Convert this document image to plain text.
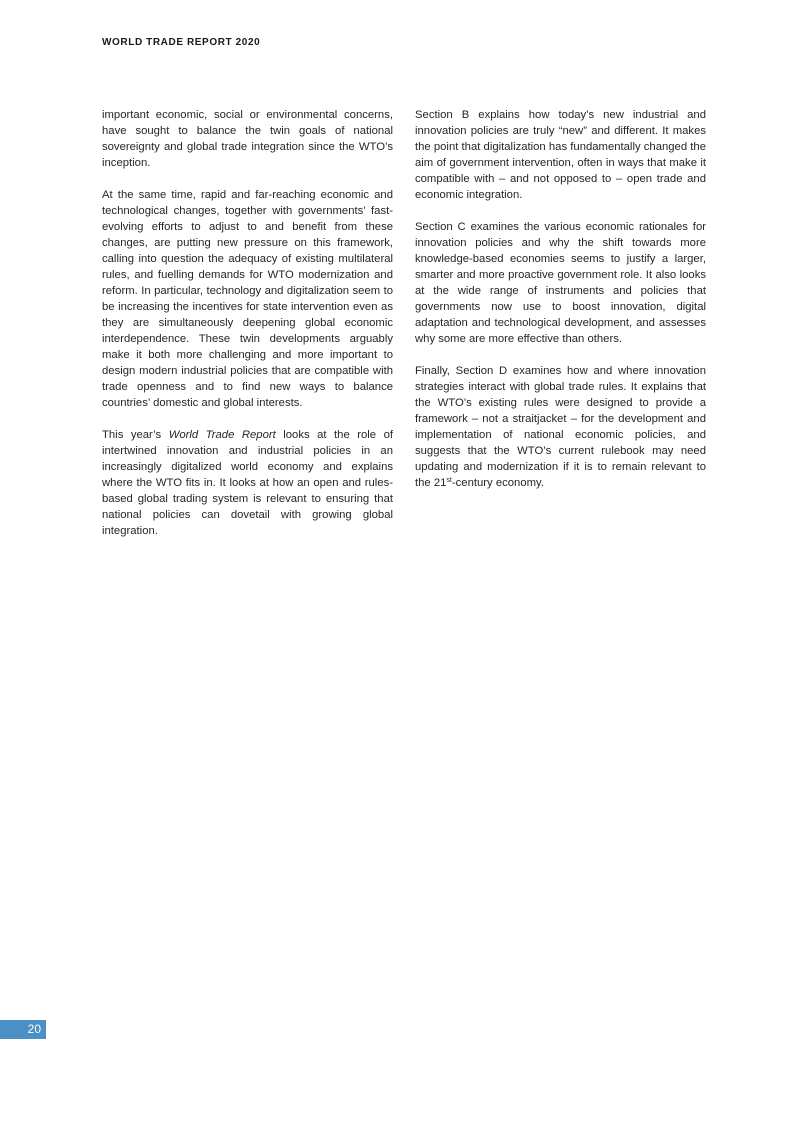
WORLD TRADE REPORT 2020

important economic, social or environmental concerns, have sought to balance the twin goals of national sovereignty and global trade integration since the WTO’s inception.

At the same time, rapid and far-reaching economic and technological changes, together with governments’ fast-evolving efforts to adjust to and benefit from these changes, are putting new pressure on this framework, calling into question the adequacy of existing multilateral rules, and fuelling demands for WTO modernization and reform. In particular, technology and digitalization seem to be increasing the incentives for state intervention even as they are simultaneously deepening global economic interdependence. These twin developments arguably make it both more challenging and more important to design modern industrial policies that are compatible with trade openness and to find new ways to balance countries’ domestic and global interests.

This year’s World Trade Report looks at the role of intertwined innovation and industrial policies in an increasingly digitalized world economy and explains where the WTO fits in. It looks at how an open and rules-based global trading system is relevant to ensuring that national policies can dovetail with growing global integration.

Section B explains how today’s new industrial and innovation policies are truly “new” and different. It makes the point that digitalization has fundamentally changed the aim of government intervention, often in ways that make it compatible with – and not opposed to – open trade and economic integration.

Section C examines the various economic rationales for innovation policies and why the shift towards more knowledge-based economies seems to justify a larger, smarter and more proactive government role. It also looks at the wide range of instruments and policies that governments now use to boost innovation, digital adaptation and technological development, and assesses why some are more effective than others.

Finally, Section D examines how and where innovation strategies interact with global trade rules. It explains that the WTO’s existing rules were designed to provide a framework – not a straitjacket – for the development and implementation of national economic policies, and suggests that the WTO’s current rulebook may need updating and modernization if it is to remain relevant to the 21st-century economy.

20
